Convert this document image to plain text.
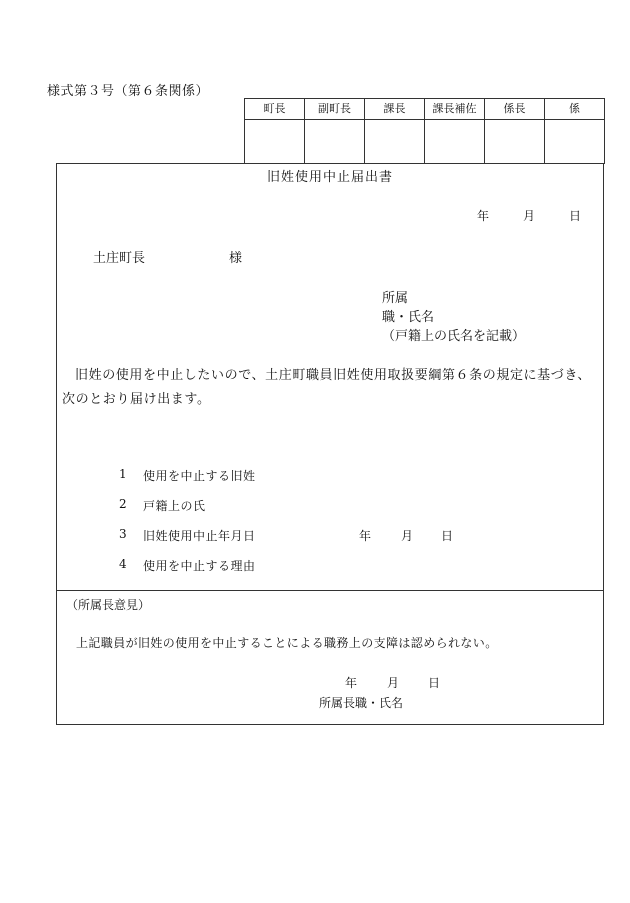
様式第３号（第６条関係）
町長	副町長	課長	課長補佐	係長	係

旧姓使用中止届出書
年	月	日
土庄町長	様
所属
職・氏名
（戸籍上の氏名を記載）
旧姓の使用を中止したいので、土庄町職員旧姓使用取扱要綱第６条の規定に基づき、次のとおり届け出ます。
1 使用を中止する旧姓
2 戸籍上の氏
3 旧姓使用中止年月日	年 月 日
4 使用を中止する理由
（所属長意見）
上記職員が旧姓の使用を中止することによる職務上の支障は認められない。
年 月 日
所属長職・氏名
